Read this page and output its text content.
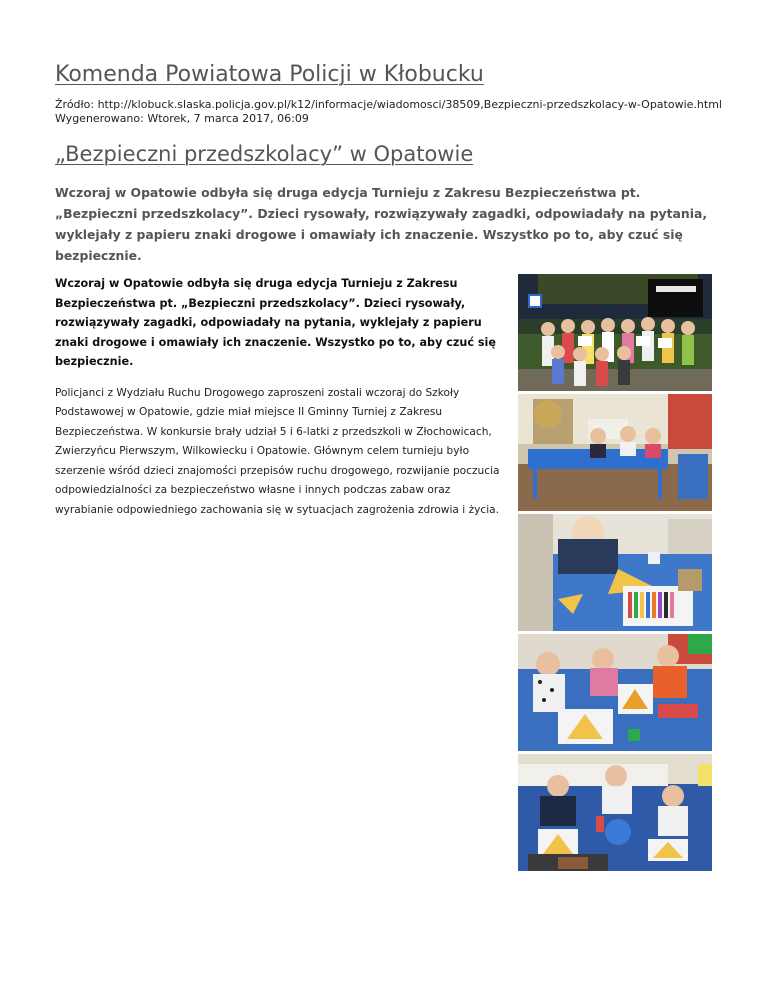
Komenda Powiatowa Policji w Kłobucku
Źródło: http://klobuck.slaska.policja.gov.pl/k12/informacje/wiadomosci/38509,Bezpieczni-przedszkolacy-w-Opatowie.html
Wygenerowano: Wtorek, 7 marca 2017, 06:09
„Bezpieczni przedszkolacy” w Opatowie
Wczoraj w Opatowie odbyła się druga edycja Turnieju z Zakresu Bezpieczeństwa pt. „Bezpieczni przedszkolacy”. Dzieci rysowały, rozwiązywały zagadki, odpowiadały na pytania, wyklejały z papieru znaki drogowe i omawiały ich znaczenie. Wszystko po to, aby czuć się bezpiecznie.

Wczoraj w Opatowie odbyła się druga edycja Turnieju z Zakresu Bezpieczeństwa pt. „Bezpieczni przedszkolacy”. Dzieci rysowały, rozwiązywały zagadki, odpowiadały na pytania, wyklejały z papieru znaki drogowe i omawiały ich znaczenie. Wszystko po to, aby czuć się bezpiecznie.

Policjanci z Wydziału Ruchu Drogowego zaproszeni zostali wczoraj do Szkoły Podstawowej w Opatowie, gdzie miał miejsce II Gminny Turniej z Zakresu Bezpieczeństwa. W konkursie brały udział 5 i 6-latki z przedszkoli w Złochowicach, Zwierzyńcu Pierwszym, Wilkowiecku i Opatowie. Głównym celem turnieju było szerzenie wśród dzieci znajomości przepisów ruchu drogowego, rozwijanie poczucia odpowiedzialności za bezpieczeństwo własne i innych podczas zabaw oraz wyrabianie odpowiedniego zachowania się w sytuacjach zagrożenia zdrowia i życia.
